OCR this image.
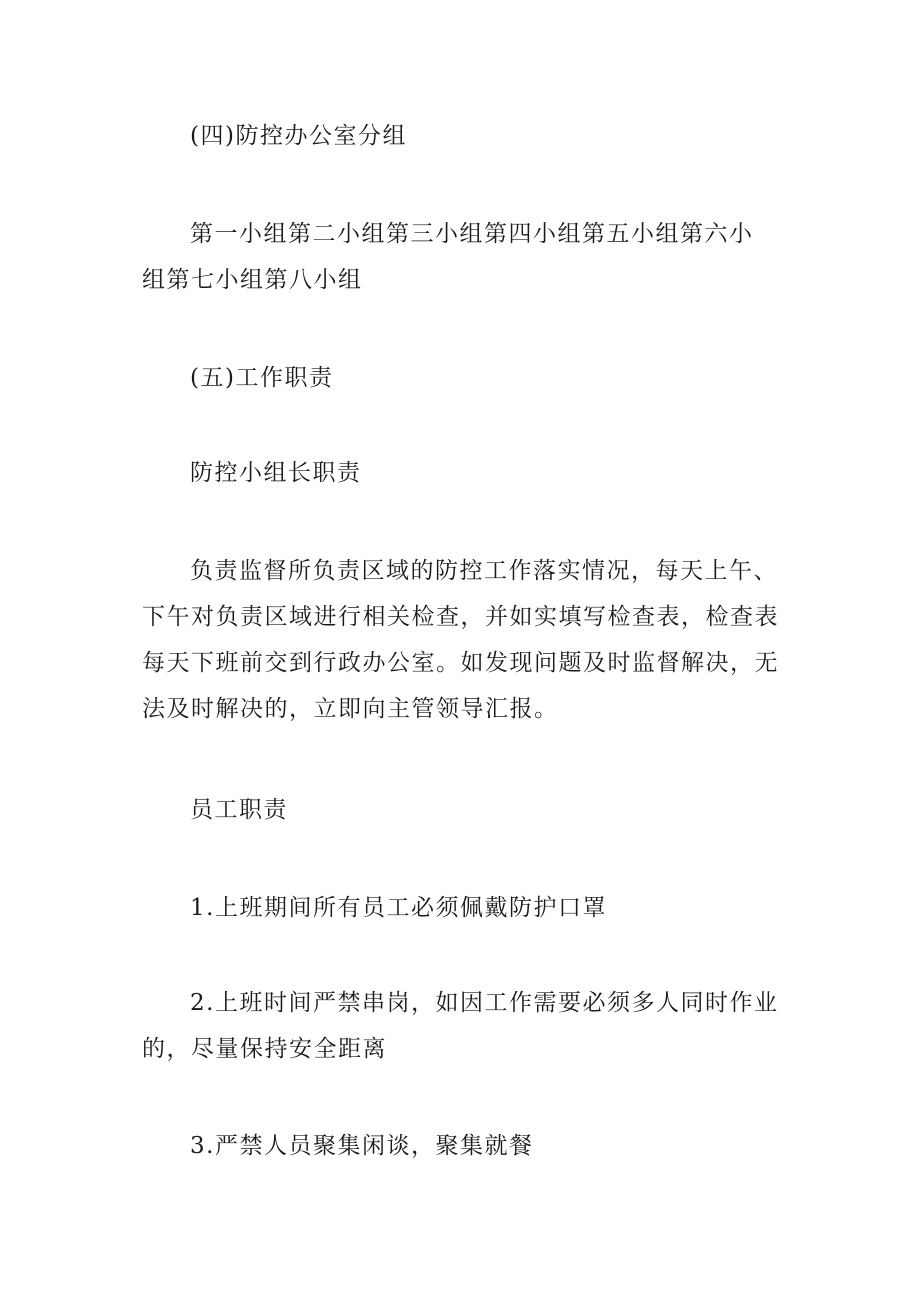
(四)防控办公室分组

第一小组第二小组第三小组第四小组第五小组第六小
组第七小组第八小组

(五)工作职责

防控小组长职责

负责监督所负责区域的防控工作落实情况，每天上午、
下午对负责区域进行相关检查，并如实填写检查表，检查表
每天下班前交到行政办公室。如发现问题及时监督解决，无
法及时解决的，立即向主管领导汇报。

员工职责

1.上班期间所有员工必须佩戴防护口罩

2.上班时间严禁串岗，如因工作需要必须多人同时作业
的，尽量保持安全距离

3.严禁人员聚集闲谈，聚集就餐
